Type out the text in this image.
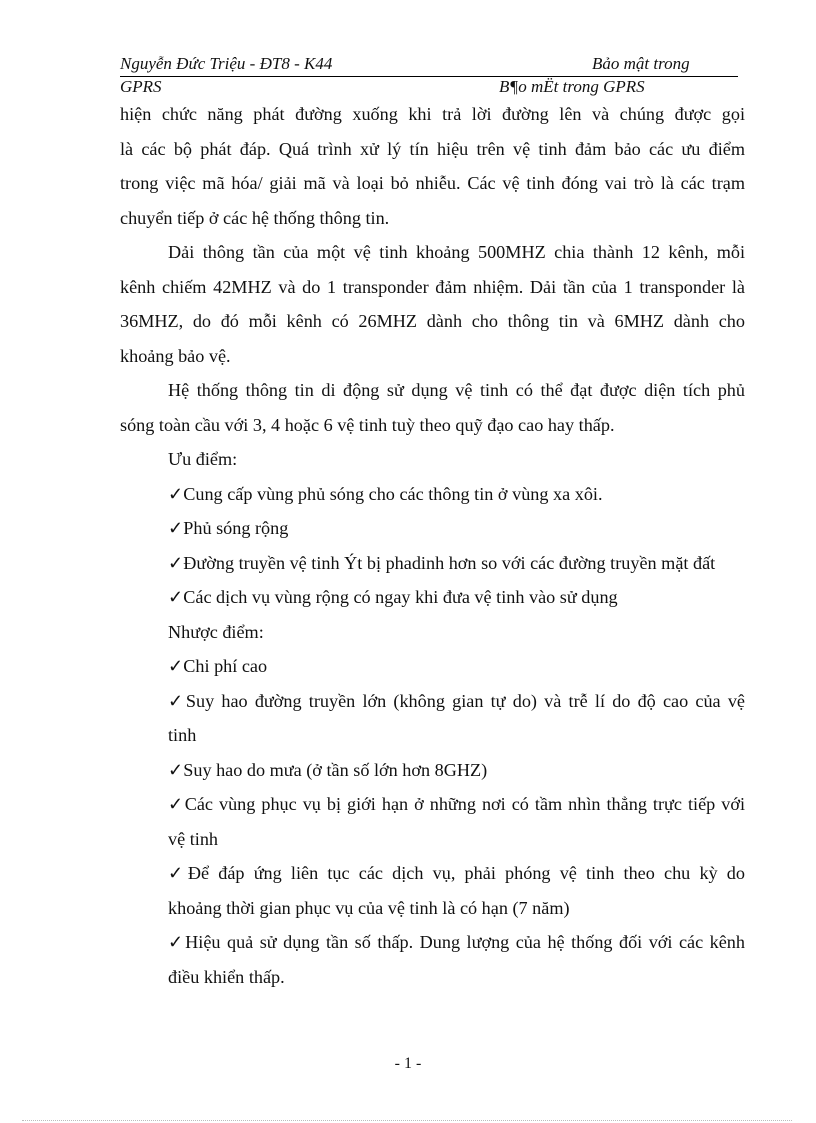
Nguyễn Đức Triệu - ĐT8 - K44	Bảo mật trong
GPRS	B¶o mËt trong GPRS

hiện chức năng phát đường xuống khi trả lời đường lên và chúng được gọi

là các bộ phát đáp. Quá trình xử lý tín hiệu trên vệ tinh đảm bảo các ưu điểm

trong việc mã hóa/ giải mã và loại bỏ nhiễu. Các vệ tinh đóng vai trò là các trạm

chuyển tiếp ở các hệ thống thông tin.

Dải thông tần của một vệ tinh khoảng 500MHZ chia thành 12 kênh, mỗi

kênh chiếm 42MHZ và do 1 transponder đảm nhiệm. Dải tần của 1 transponder là

36MHZ, do đó mỗi kênh có 26MHZ dành cho thông tin và 6MHZ dành cho

khoảng bảo vệ.

Hệ thống thông tin di động sử dụng vệ tinh có thể đạt được diện tích phủ

sóng toàn cầu với 3, 4 hoặc 6 vệ tinh tuỳ theo quỹ đạo cao hay thấp.

Ưu điểm:

✓Cung cấp vùng phủ sóng cho các thông tin ở vùng xa xôi.

✓Phủ sóng rộng

✓Đường truyền vệ tinh Ýt bị phadinh hơn so với các đường truyền mặt đất

✓Các dịch vụ vùng rộng có ngay khi đưa vệ tinh vào sử dụng

Nhược điểm:

✓Chi phí cao

✓Suy hao đường truyền lớn (không gian tự do) và trễ lí do độ cao của vệ

tinh

✓Suy hao do mưa (ở tần số lớn hơn 8GHZ)

✓Các vùng phục vụ bị giới hạn ở những nơi có tầm nhìn thẳng trực tiếp với

vệ tinh

✓Để đáp ứng liên tục các dịch vụ, phải phóng vệ tinh theo chu kỳ do

khoảng thời gian phục vụ của vệ tinh là có hạn (7 năm)

✓Hiệu quả sử dụng tần số thấp. Dung lượng của hệ thống đối với các kênh

điều khiển thấp.

- 1 -
